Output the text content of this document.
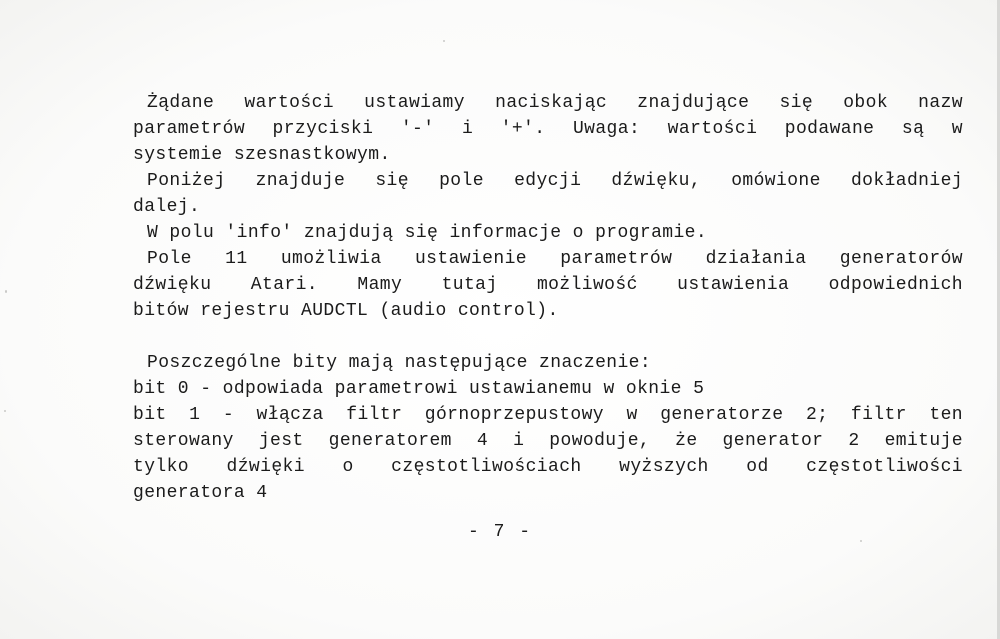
Żądane wartości ustawiamy naciskając znajdujące się obok nazw
parametrów przyciski '-' i '+'. Uwaga: wartości podawane są w
systemie szesnastkowym.
Poniżej znajduje się pole edycji dźwięku, omówione dokładniej
dalej.
W polu 'info' znajdują się informacje o programie.
Pole 11 umożliwia ustawienie parametrów działania generatorów
dźwięku Atari. Mamy tutaj możliwość ustawienia odpowiednich
bitów rejestru AUDCTL (audio control).
Poszczególne bity mają następujące znaczenie:
bit 0 - odpowiada parametrowi ustawianemu w oknie 5
bit 1 - włącza filtr górnoprzepustowy w generatorze 2; filtr ten
sterowany jest generatorem 4 i powoduje, że generator 2 emituje
tylko dźwięki o częstotliwościach wyższych od częstotliwości
generatora 4
- 7 -
